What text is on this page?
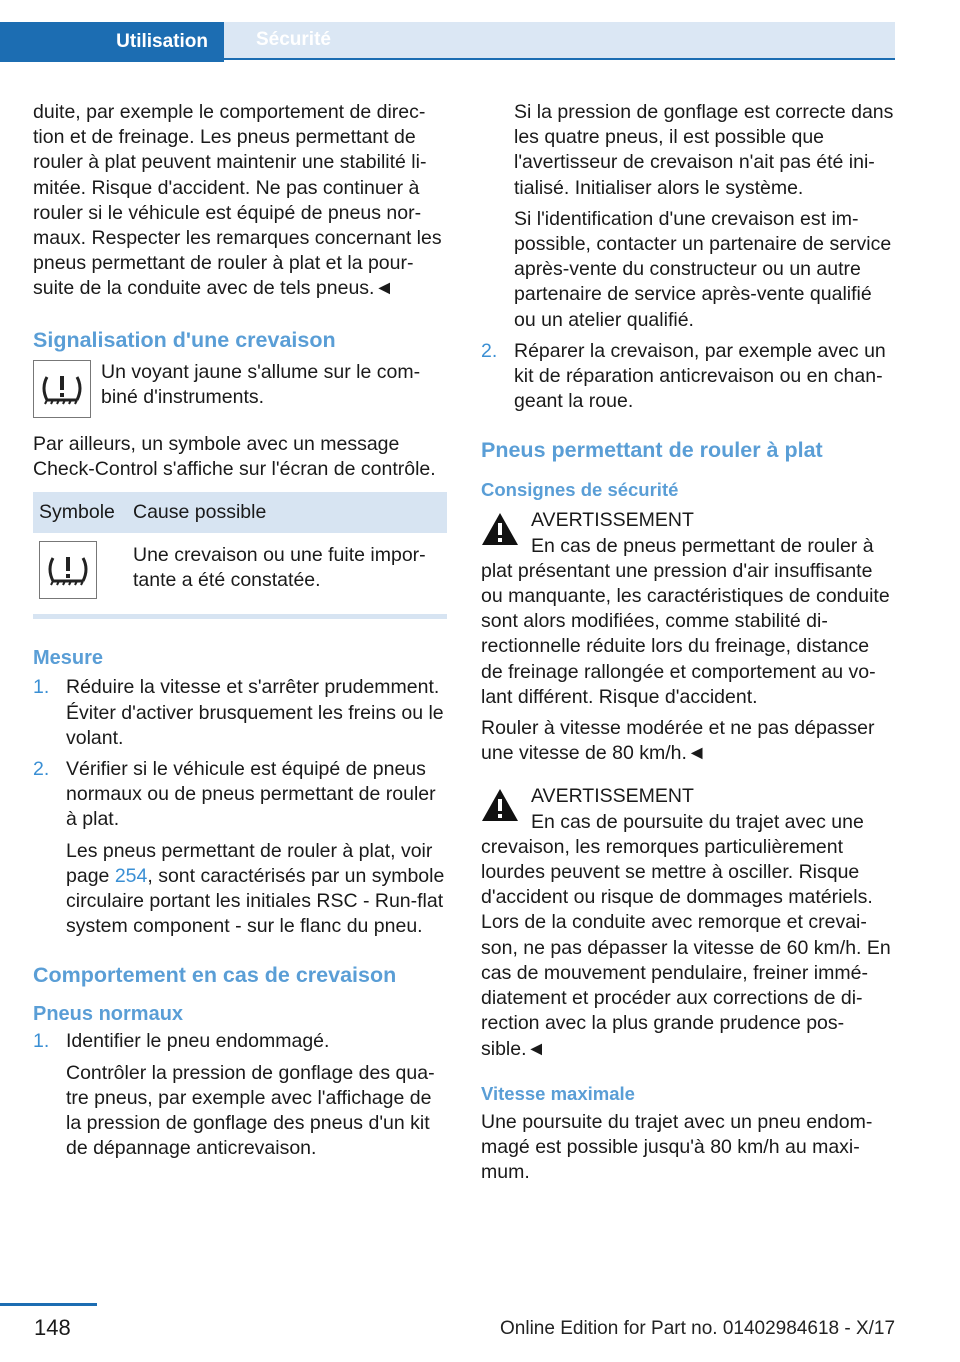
Utilisation	Sécurité

duite, par exemple le comportement de direction et de freinage. Les pneus permettant de rouler à plat peuvent maintenir une stabilité limitée. Risque d'accident. Ne pas continuer à rouler si le véhicule est équipé de pneus normaux. Respecter les remarques concernant les pneus permettant de rouler à plat et la poursuite de la conduite avec de tels pneus.◄

Signalisation d'une crevaison

Un voyant jaune s'allume sur le combiné d'instruments.

Par ailleurs, un symbole avec un message Check-Control s'affiche sur l'écran de contrôle.

Symbole	Cause possible
	Une crevaison ou une fuite importante a été constatée.
Mesure
1. Réduire la vitesse et s'arrêter prudemment. Éviter d'activer brusquement les freins ou le volant.

2. Vérifier si le véhicule est équipé de pneus normaux ou de pneus permettant de rouler à plat.

Les pneus permettant de rouler à plat, voir page 254, sont caractérisés par un symbole circulaire portant les initiales RSC - Run-flat system component - sur le flanc du pneu.

Comportement en cas de crevaison
Pneus normaux
1. Identifier le pneu endommagé.

Contrôler la pression de gonflage des quatre pneus, par exemple avec l'affichage de la pression de gonflage des pneus d'un kit de dépannage anticrevaison.

Si la pression de gonflage est correcte dans les quatre pneus, il est possible que l'avertisseur de crevaison n'ait pas été initialisé. Initialiser alors le système.

Si l'identification d'une crevaison est impossible, contacter un partenaire de service après-vente du constructeur ou un autre partenaire de service après-vente qualifié ou un atelier qualifié.

2. Réparer la crevaison, par exemple avec un kit de réparation anticrevaison ou en changeant la roue.

Pneus permettant de rouler à plat
Consignes de sécurité

AVERTISSEMENT

En cas de pneus permettant de rouler à plat présentant une pression d'air insuffisante ou manquante, les caractéristiques de conduite sont alors modifiées, comme stabilité directionnelle réduite lors du freinage, distance de freinage rallongée et comportement au volant différent. Risque d'accident.

Rouler à vitesse modérée et ne pas dépasser une vitesse de 80 km/h.◄

AVERTISSEMENT

En cas de poursuite du trajet avec une crevaison, les remorques particulièrement lourdes peuvent se mettre à osciller. Risque d'accident ou risque de dommages matériels. Lors de la conduite avec remorque et crevaison, ne pas dépasser la vitesse de 60 km/h. En cas de mouvement pendulaire, freiner immédiatement et procéder aux corrections de direction avec la plus grande prudence possible.◄

Vitesse maximale

Une poursuite du trajet avec un pneu endommagé est possible jusqu'à 80 km/h au maximum.

148	Online Edition for Part no. 01402984618 - X/17
